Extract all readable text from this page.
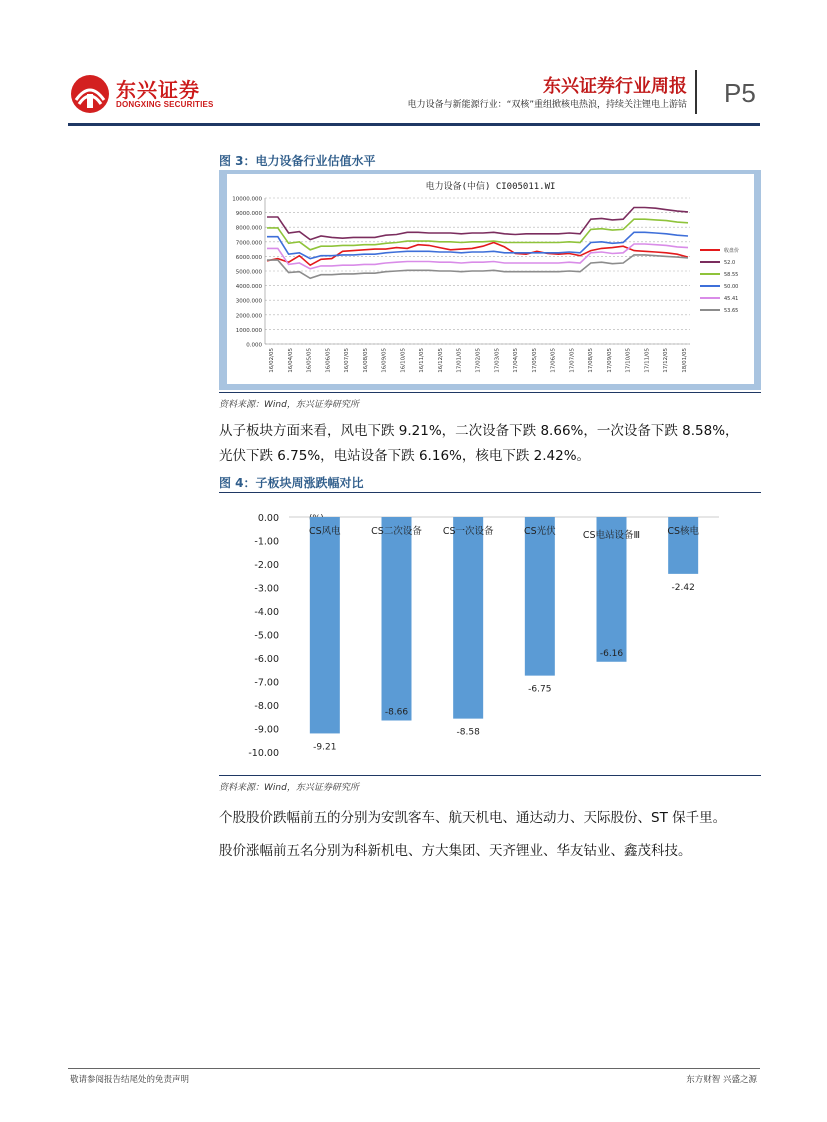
东兴证券
DONGXING SECURITIES
东兴证券行业周报
电力设备与新能源行业：“双核”重组掀核电热浪，持续关注锂电上游钴 P5
图 3：电力设备行业估值水平
电力设备(中信) CI005011.WI
0.000
1000.000
2000.000
3000.000
4000.000
5000.000
6000.000
7000.000
8000.000
9000.000
10000.000
16/02/05 16/04/05 16/05/05 16/06/05 16/07/05 16/08/05 16/09/05 16/10/05 16/11/05 16/12/05 17/01/05 17/02/05 17/03/05 17/04/05 17/05/05 17/06/05 17/07/05 17/08/05 17/09/05 17/10/05 17/11/05 17/12/05 18/01/05
收盘价
52.0
58.55
50.00
45.41
53.65
资料来源：Wind，东兴证券研究所
从子板块方面来看，风电下跌 9.21%，二次设备下跌 8.66%，一次设备下跌 8.58%，
光伏下跌 6.75%，电站设备下跌 6.16%，核电下跌 2.42%。
图 4：子板块周涨跌幅对比
0.00
-1.00
-2.00
-3.00
-4.00
-5.00
-6.00
-7.00
-8.00
-9.00
-10.00
CS风电
-9.21
CS二次设备
-8.66
CS一次设备
-8.58
CS光伏
-6.75
CS电站设备Ⅲ
-6.16
CS核电
-2.42
资料来源：Wind，东兴证券研究所
个股股价跌幅前五的分别为安凯客车、航天机电、通达动力、天际股份、ST 保千里。
股价涨幅前五名分别为科新机电、方大集团、天齐锂业、华友钴业、鑫茂科技。
敬请参阅报告结尾处的免责声明	东方财智 兴盛之源
